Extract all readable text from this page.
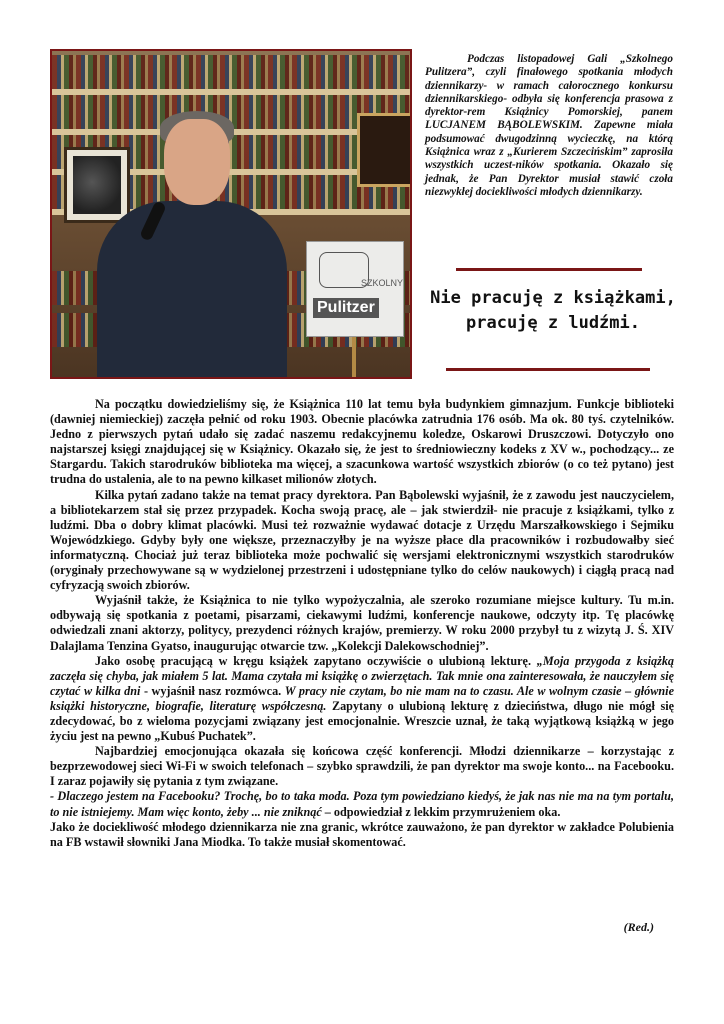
SZKOLNY
Pulitzer

Podczas listopadowej Gali „Szkolnego Pulitzera”, czyli finałowego spotkania młodych dziennikarzy- w ramach całorocznego konkursu dziennikarskiego- odbyła się konferencja prasowa z dyrektor-rem Książnicy Pomorskiej, panem LUCJANEM BĄBOLEWSKIM. Zapewne miała podsumować dwugodzinną wycieczkę, na którą Książnica wraz z „Kurierem Szczecińskim” zaprosiła wszystkich uczest-ników spotkania. Okazało się jednak, że Pan Dyrektor musiał stawić czoła niezwykłej dociekliwości młodych dziennikarzy.

Nie pracuję z książkami,
pracuję z ludźmi.

Na początku dowiedzieliśmy się, że Książnica 110 lat temu była budynkiem gimnazjum. Funkcje biblioteki (dawniej niemieckiej) zaczęła pełnić od roku 1903. Obecnie placówka zatrudnia 176 osób. Ma ok. 80 tyś. czytelników. Jedno z pierwszych pytań udało się zadać naszemu redakcyjnemu koledze, Oskarowi Druszczowi. Dotyczyło ono najstarszej księgi znajdującej się w Książnicy. Okazało się, że jest to średniowieczny kodeks z XV w., pochodzący... ze Stargardu. Takich starodruków biblioteka ma więcej, a szacunkowa wartość wszystkich zbiorów (o co też pytano) jest trudna do ustalenia, ale to na pewno kilkaset milionów złotych.

Kilka pytań zadano także na temat pracy dyrektora. Pan Bąbolewski wyjaśnił, że z zawodu jest nauczycielem, a bibliotekarzem stał się przez przypadek. Kocha swoją pracę, ale – jak stwierdził- nie pracuje z książkami, tylko z ludźmi. Dba o dobry klimat placówki. Musi też rozważnie wydawać dotacje z Urzędu Marszałkowskiego i Sejmiku Wojewódzkiego. Gdyby były one większe, przeznaczyłby je na wyższe płace dla pracowników i rozbudowałby sieć informatyczną. Chociaż już teraz biblioteka może pochwalić się wersjami elektronicznymi wszystkich starodruków (oryginały przechowywane są w wydzielonej przestrzeni i udostępniane tylko do celów naukowych) i ciągłą pracą nad cyfryzacją swoich zbiorów.

Wyjaśnił także, że Książnica to nie tylko wypożyczalnia, ale szeroko rozumiane miejsce kultury. Tu m.in. odbywają się spotkania z poetami, pisarzami, ciekawymi ludźmi, konferencje naukowe, odczyty itp. Tę placówkę odwiedzali znani aktorzy, politycy, prezydenci różnych krajów, premierzy. W roku 2000 przybył tu z wizytą J. Ś. XIV Dalajlama Tenzina Gyatso, inaugurując otwarcie tzw. „Kolekcji Dalekowschodniej”.

Jako osobę pracującą w kręgu książek zapytano oczywiście o ulubioną lekturę. „Moja przygoda z książką zaczęła się chyba, jak miałem 5 lat. Mama czytała mi książkę o zwierzętach. Tak mnie ona zainteresowała, że nauczyłem się czytać w kilka dni - wyjaśnił nasz rozmówca. W pracy nie czytam, bo nie mam na to czasu. Ale w wolnym czasie – głównie książki historyczne, biografie, literaturę współczesną. Zapytany o ulubioną lekturę z dzieciństwa, długo nie mógł się zdecydować, bo z wieloma pozycjami związany jest emocjonalnie. Wreszcie uznał, że taką wyjątkową książką w jego życiu jest na pewno „Kubuś Puchatek”.

Najbardziej emocjonująca okazała się końcowa część konferencji. Młodzi dziennikarze – korzystając z bezprzewodowej sieci Wi-Fi w swoich telefonach – szybko sprawdzili, że pan dyrektor ma swoje konto... na Facebooku. I zaraz pojawiły się pytania z tym związane.

- Dlaczego jestem na Facebooku? Trochę, bo to taka moda. Poza tym powiedziano kiedyś, że jak nas nie ma na tym portalu, to nie istniejemy. Mam więc konto, żeby ... nie zniknąć – odpowiedział z lekkim przymrużeniem oka.

Jako że dociekliwość młodego dziennikarza nie zna granic, wkrótce zauważono, że pan dyrektor w zakładce Polubienia na FB wstawił słowniki Jana Miodka. To także musiał skomentować.

(Red.)
